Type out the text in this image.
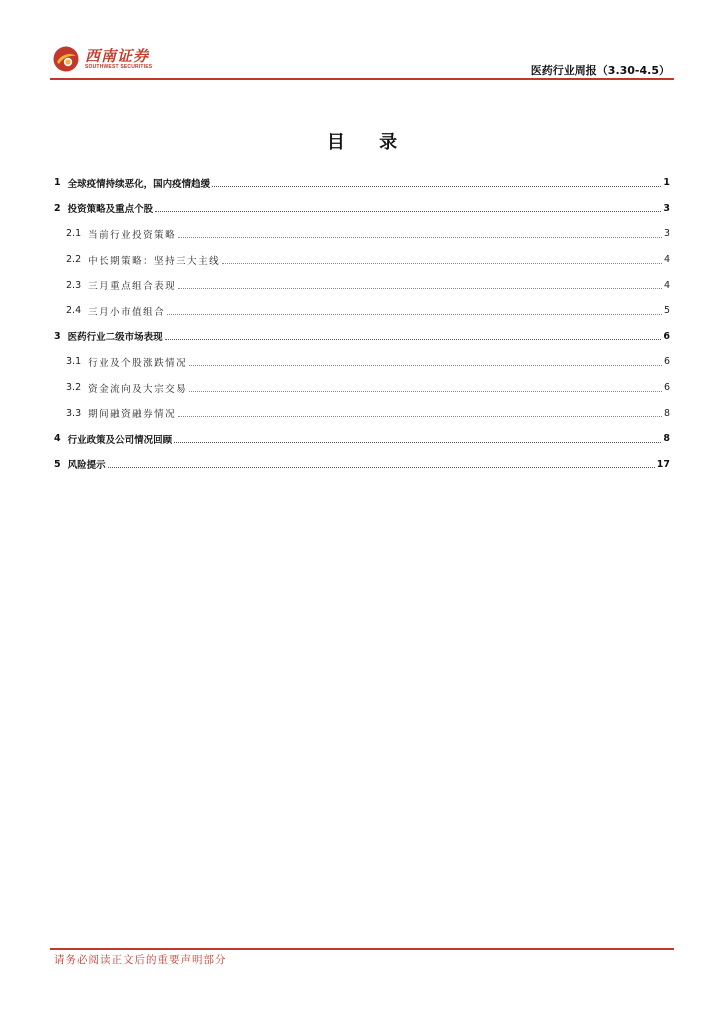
西南证券
SOUTHWEST SECURITIES	医药行业周报（3.30-4.5）
目 录
1 全球疫情持续恶化，国内疫情趋缓	1
2 投资策略及重点个股	3
2.1 当前行业投资策略	3
2.2 中长期策略：坚持三大主线	4
2.3 三月重点组合表现	4
2.4 三月小市值组合	5
3 医药行业二级市场表现	6
3.1 行业及个股涨跌情况	6
3.2 资金流向及大宗交易	6
3.3 期间融资融券情况	8
4 行业政策及公司情况回顾	8
5 风险提示	17
请务必阅读正文后的重要声明部分
